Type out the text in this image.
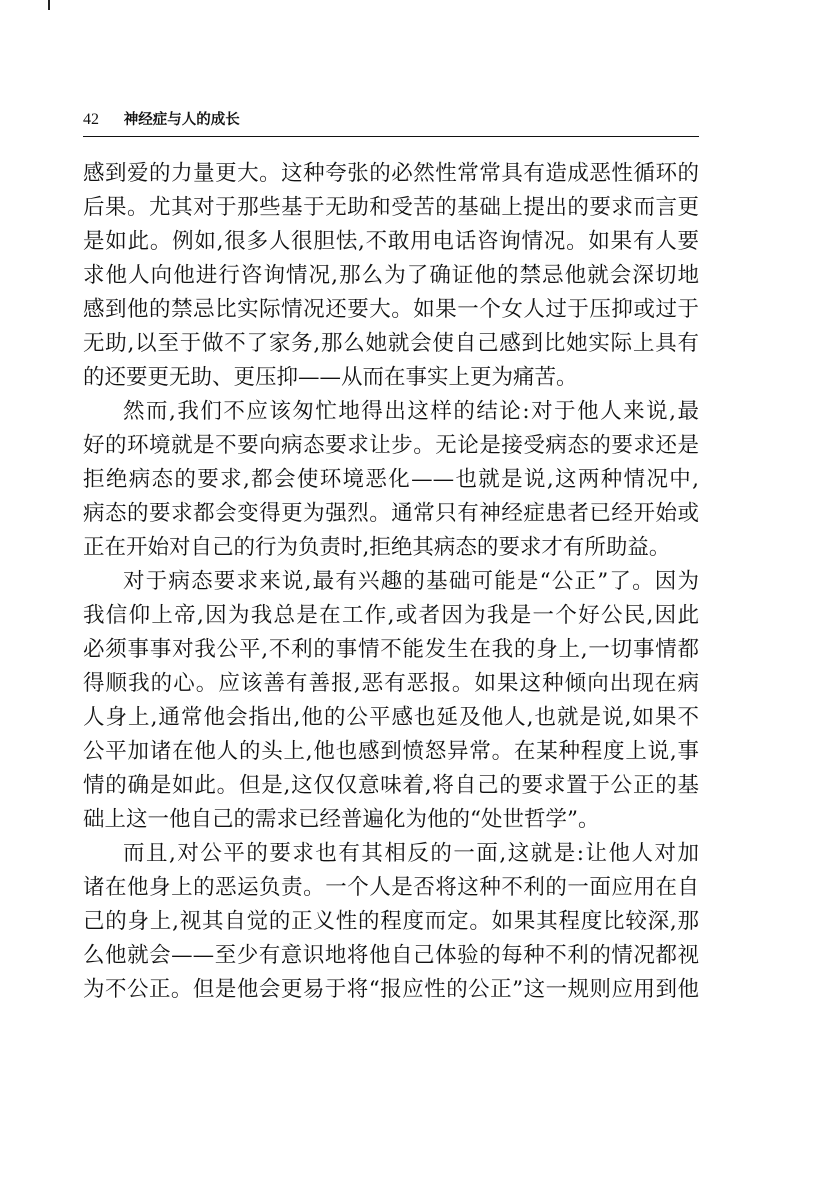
42 神经症与人的成长
感到爱的力量更大。这种夸张的必然性常常具有造成恶性循环的
后果。尤其对于那些基于无助和受苦的基础上提出的要求而言更
是如此。例如,很多人很胆怯,不敢用电话咨询情况。如果有人要
求他人向他进行咨询情况,那么为了确证他的禁忌他就会深切地
感到他的禁忌比实际情况还要大。如果一个女人过于压抑或过于
无助,以至于做不了家务,那么她就会使自己感到比她实际上具有
的还要更无助、更压抑——从而在事实上更为痛苦。
然而,我们不应该匆忙地得出这样的结论:对于他人来说,最
好的环境就是不要向病态要求让步。无论是接受病态的要求还是
拒绝病态的要求,都会使环境恶化——也就是说,这两种情况中,
病态的要求都会变得更为强烈。通常只有神经症患者已经开始或
正在开始对自己的行为负责时,拒绝其病态的要求才有所助益。
对于病态要求来说,最有兴趣的基础可能是“公正”了。因为
我信仰上帝,因为我总是在工作,或者因为我是一个好公民,因此
必须事事对我公平,不利的事情不能发生在我的身上,一切事情都
得顺我的心。应该善有善报,恶有恶报。如果这种倾向出现在病
人身上,通常他会指出,他的公平感也延及他人,也就是说,如果不
公平加诸在他人的头上,他也感到愤怒异常。在某种程度上说,事
情的确是如此。但是,这仅仅意味着,将自己的要求置于公正的基
础上这一他自己的需求已经普遍化为他的“处世哲学”。
而且,对公平的要求也有其相反的一面,这就是:让他人对加
诸在他身上的恶运负责。一个人是否将这种不利的一面应用在自
己的身上,视其自觉的正义性的程度而定。如果其程度比较深,那
么他就会——至少有意识地将他自己体验的每种不利的情况都视
为不公正。但是他会更易于将“报应性的公正”这一规则应用到他
